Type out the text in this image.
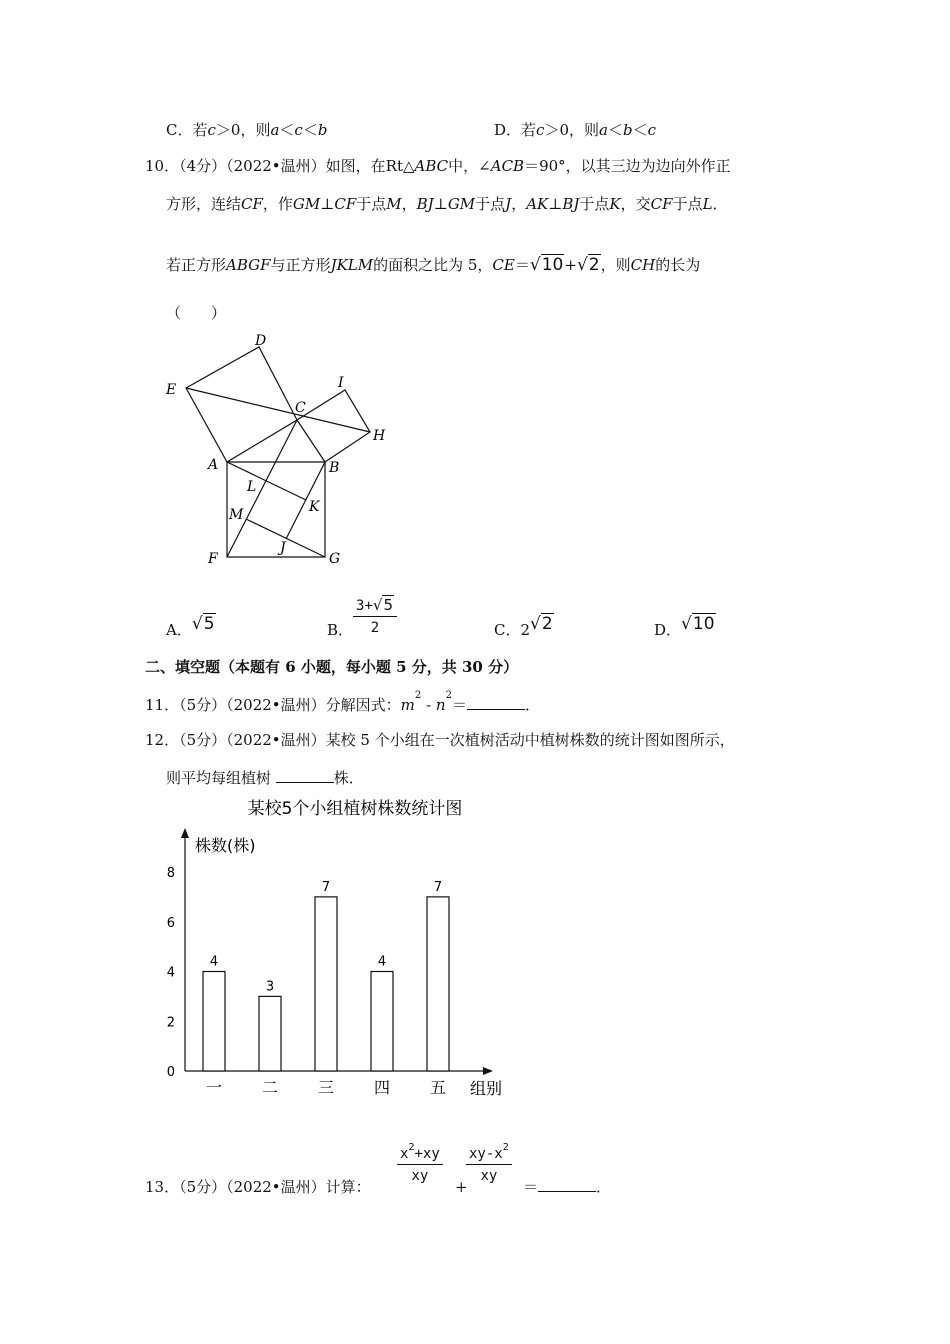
C．若c＞0，则a＜c＜b	D．若c＞0，则a＜b＜c
10．（4分）（2022•温州）如图，在Rt△ABC中，∠ACB＝90°，以其三边为边向外作正
方形，连结CF，作GM⊥CF于点M，BJ⊥GM于点J，AK⊥BJ于点K，交CF于点L．
若正方形ABGF与正方形JKLM的面积之比为 5，CE＝√10+√2，则CH的长为
（　　）
D
E	I
C
H
A	B
L
K
M
F
J
G
A．√5	B． $\frac{3+√5}{2}$	C．2√2	D．√10
二、填空题（本题有 6 小题，每小题 5 分，共 30 分）
11．（5分）（2022•温州）分解因式：$m^2$ ‑ $n^2=$	．
12．（5分）（2022•温州）某校 5 个小组在一次植树活动中植树株数的统计图如图所示，
则平均每组植树	株．
某校5个小组植树株数统计图
株数(株)
组别
0
2
4
6
8
4
一
3
二
7
三
4
四
7
五
13．（5分）（2022•温州）计算：
$\frac{x^2+xy}{xy}$
+
$\frac{xy-x^2}{xy}$
＝	．
